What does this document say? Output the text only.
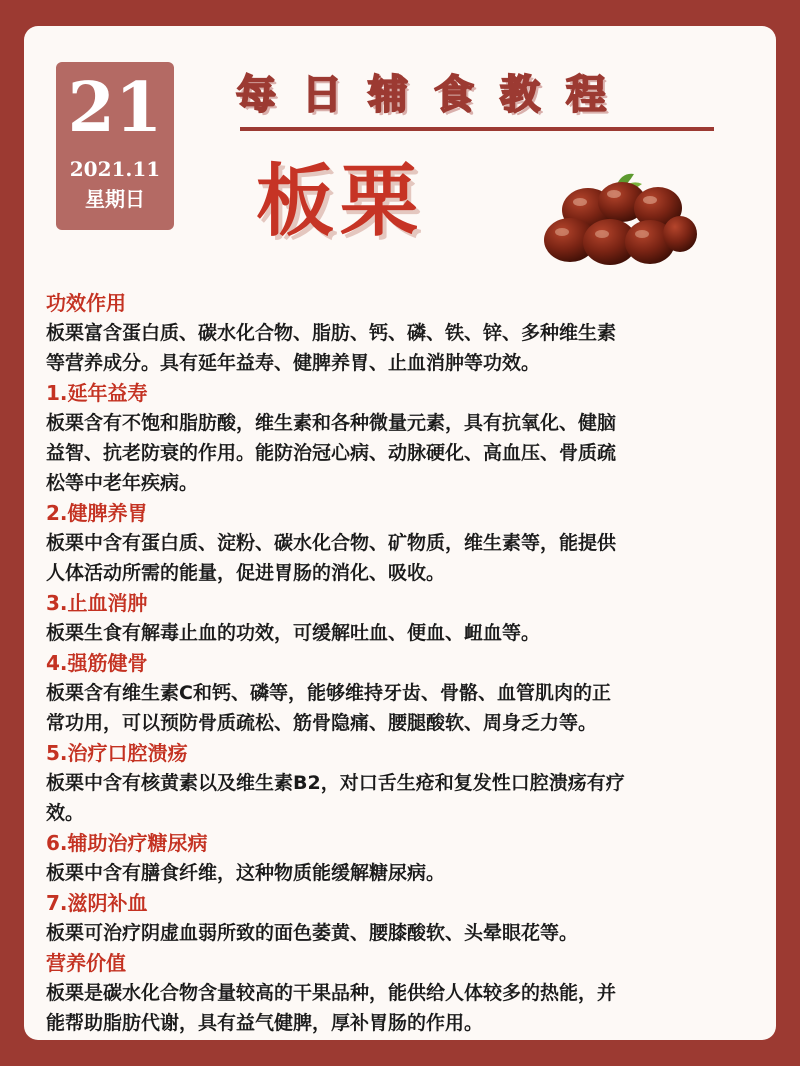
21
2021.11
星期日
每日辅食教程
板栗
功效作用
板栗富含蛋白质、碳水化合物、脂肪、钙、磷、铁、锌、多种维生素
等营养成分。具有延年益寿、健脾养胃、止血消肿等功效。
1.延年益寿
板栗含有不饱和脂肪酸，维生素和各种微量元素，具有抗氧化、健脑
益智、抗老防衰的作用。能防治冠心病、动脉硬化、高血压、骨质疏
松等中老年疾病。
2.健脾养胃
板栗中含有蛋白质、淀粉、碳水化合物、矿物质，维生素等，能提供
人体活动所需的能量，促进胃肠的消化、吸收。
3.止血消肿
板栗生食有解毒止血的功效，可缓解吐血、便血、衄血等。
4.强筋健骨
板栗含有维生素C和钙、磷等，能够维持牙齿、骨骼、血管肌肉的正
常功用，可以预防骨质疏松、筋骨隐痛、腰腿酸软、周身乏力等。
5.治疗口腔溃疡
板栗中含有核黄素以及维生素B2，对口舌生疮和复发性口腔溃疡有疗
效。
6.辅助治疗糖尿病
板栗中含有膳食纤维，这种物质能缓解糖尿病。
7.滋阴补血
板栗可治疗阴虚血弱所致的面色萎黄、腰膝酸软、头晕眼花等。
营养价值
板栗是碳水化合物含量较高的干果品种，能供给人体较多的热能，并
能帮助脂肪代谢，具有益气健脾，厚补胃肠的作用。
